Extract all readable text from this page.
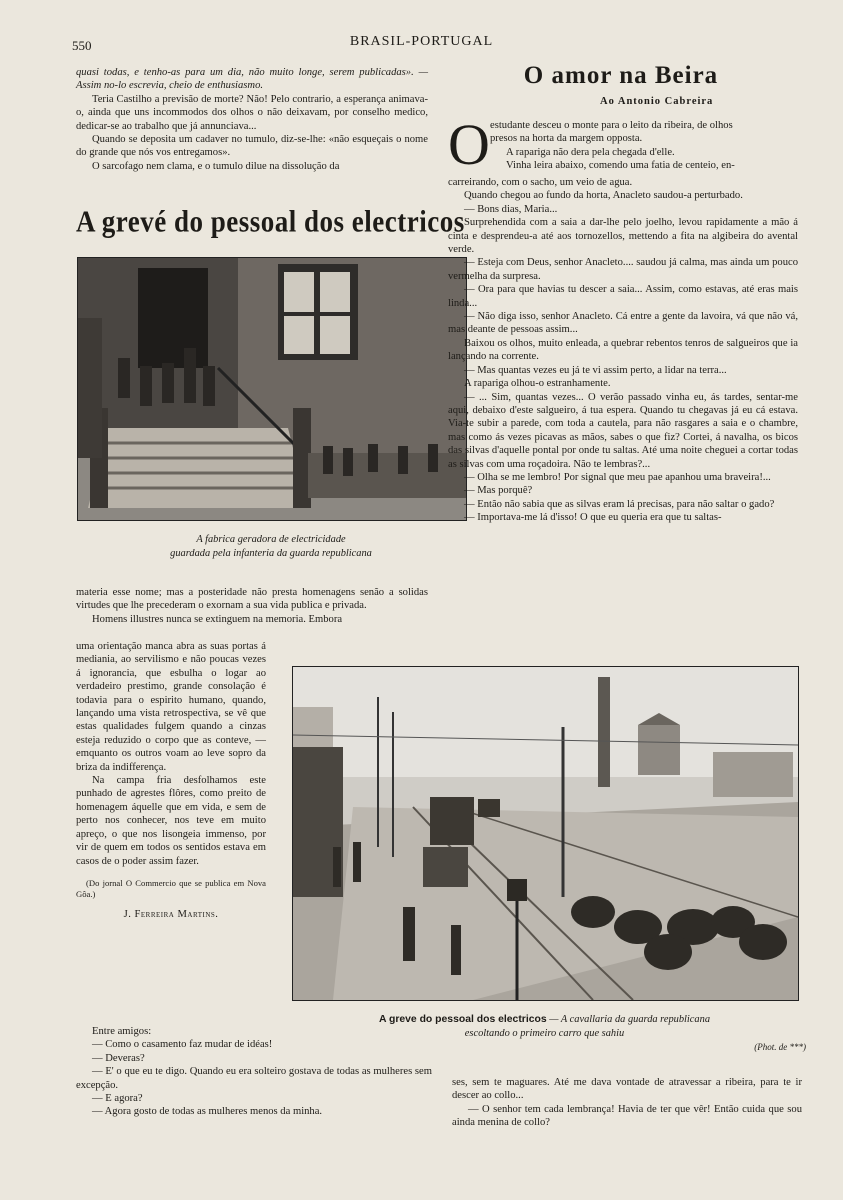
550	BRASIL-PORTUGAL

quasi todas, e tenho-as para um dia, não muito longe, serem publicadas». — Assim no-lo escrevia, cheio de enthusiasmo.

Teria Castilho a previsão de morte? Não! Pelo contrario, a esperança animava-o, ainda que uns incommodos dos olhos o não deixavam, por conselho medico, dedicar-se ao trabalho que já annunciava...

Quando se deposita um cadaver no tumulo, diz-se-lhe: «não esqueçais o nome do grande que nós vos entregamos».

O sarcofago nem clama, e o tumulo dilue na dissolução da

A grevé do pessoal dos electricos
A fabrica geradora de electricidade
guardada pela infanteria da guarda republicana

materia esse nome; mas a posteridade não presta homenagens senão a solidas virtudes que lhe precederam o exornam a sua vida publica e privada.

Homens illustres nunca se extinguem na memoria. Embora

uma orientação manca abra as suas portas á mediania, ao servilismo e não poucas vezes á ignorancia, que esbulha o logar ao verdadeiro prestimo, grande consolação é todavia para o espirito humano, quando, lançando uma vista retrospectiva, se vê que estas qualidades fulgem quando a cinzas esteja reduzido o corpo que as conteve, — emquanto os outros voam ao leve sopro da briza da indifferença.

Na campa fria desfolhamos este punhado de agrestes flôres, como preito de homenagem áquelle que em vida, e sem de perto nos conhecer, nos teve em muito apreço, o que nos lisongeia immenso, por vir de quem em todos os sentidos estava em casos de o poder assim fazer.

(Do jornal O Commercio que se publica em Nova Gôa.)

J. Ferreira Martins.

O amor na Beira
Ao Antonio Cabreira
O estudante desceu o monte para o leito da ribeira, de olhos

presos na horta da margem opposta.

A rapariga não dera pela chegada d'elle.

Vinha leira abaixo, comendo uma fatia de centeio, en-

carreirando, com o sacho, um veio de agua.

Quando chegou ao fundo da horta, Anacleto saudou-a perturbado.

— Bons dias, Maria...

Surprehendida com a saia a dar-lhe pelo joelho, levou rapidamente a mão á cinta e desprendeu-a até aos tornozellos, mettendo a fita na algibeira do avental verde.

— Esteja com Deus, senhor Anacleto.... saudou já calma, mas ainda um pouco vermelha da surpresa.

— Ora para que havias tu descer a saia... Assim, como estavas, até eras mais linda...

— Não diga isso, senhor Anacleto. Cá entre a gente da lavoira, vá que não vá, mas deante de pessoas assim...

Baixou os olhos, muito enleada, a quebrar rebentos tenros de salgueiros que ia lançando na corrente.

— Mas quantas vezes eu já te vi assim perto, a lidar na terra...

A rapariga olhou-o estranhamente.

— ... Sim, quantas vezes... O verão passado vinha eu, ás tardes, sentar-me aqui, debaixo d'este salgueiro, á tua espera. Quando tu chegavas já eu cá estava. Via-te subir a parede, com toda a cautela, para não rasgares a saia e o chambre, mas como ás vezes picavas as mãos, sabes o que fiz? Cortei, á navalha, os bicos das silvas d'aquelle pontal por onde tu saltas. Até uma noite cheguei a cortar todas as silvas com uma roçadoira. Não te lembras?...

— Olha se me lembro! Por signal que meu pae apanhou uma braveira!...

— Mas porquê?

— Então não sabia que as silvas eram lá precisas, para não saltar o gado?

— Importava-me lá d'isso! O que eu queria era que tu saltas-

A greve do pessoal dos electricos — A cavallaria da guarda republicana
escoltando o primeiro carro que sahiu
(Phot. de ***)

Entre amigos:

— Como o casamento faz mudar de idéas!

— Deveras?

— E' o que eu te digo. Quando eu era solteiro gostava de todas as mulheres sem excepção.

— E agora?

— Agora gosto de todas as mulheres menos da minha.

ses, sem te maguares. Até me dava vontade de atravessar a ribeira, para te ir descer ao collo...

— O senhor tem cada lembrança! Havia de ter que vêr! Então cuida que sou ainda menina de collo?
